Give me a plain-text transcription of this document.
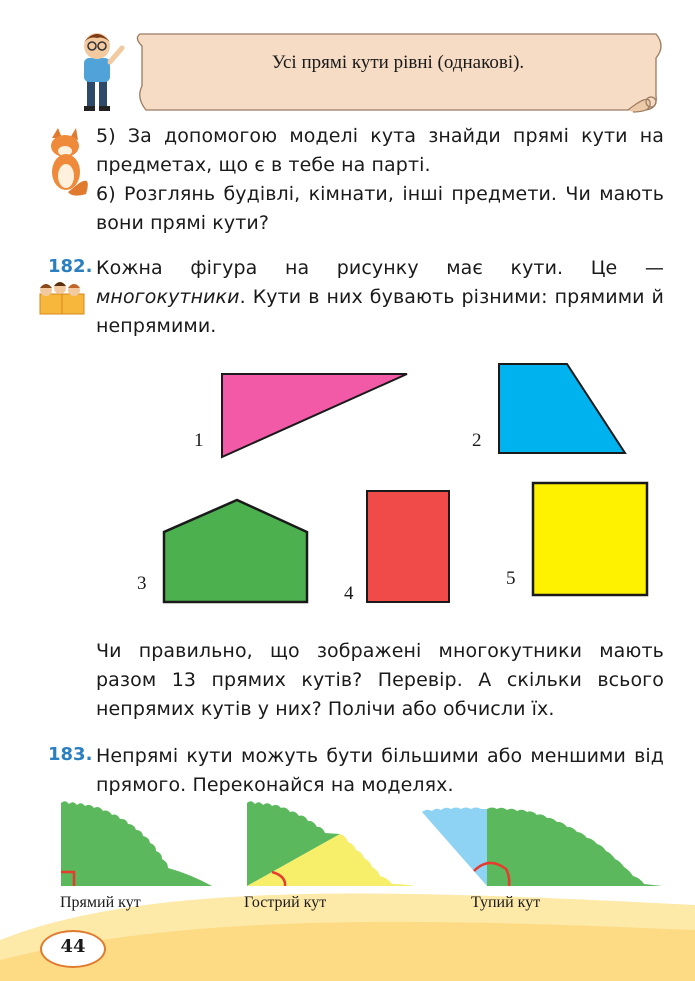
Усі прямі кути рівні (однакові).
5) За допомогою моделі кута знайди прямі кути на предметах, що є в тебе на парті.
6) Розглянь будівлі, кімнати, інші предмети. Чи мають вони прямі кути?
182. Кожна фігура на рисунку має кути. Це — многокутники. Кути в них бувають різними: прямими й непрямими.
1	2
3	4
5
Чи правильно, що зображені многокутники мають разом 13 прямих кутів? Перевір. А скільки всього непрямих кутів у них? Полічи або обчисли їх.
183. Непрямі кути можуть бути більшими або меншими від прямого. Переконайся на моделях.
Прямий кут	Гострий кут	Тупий кут
44
